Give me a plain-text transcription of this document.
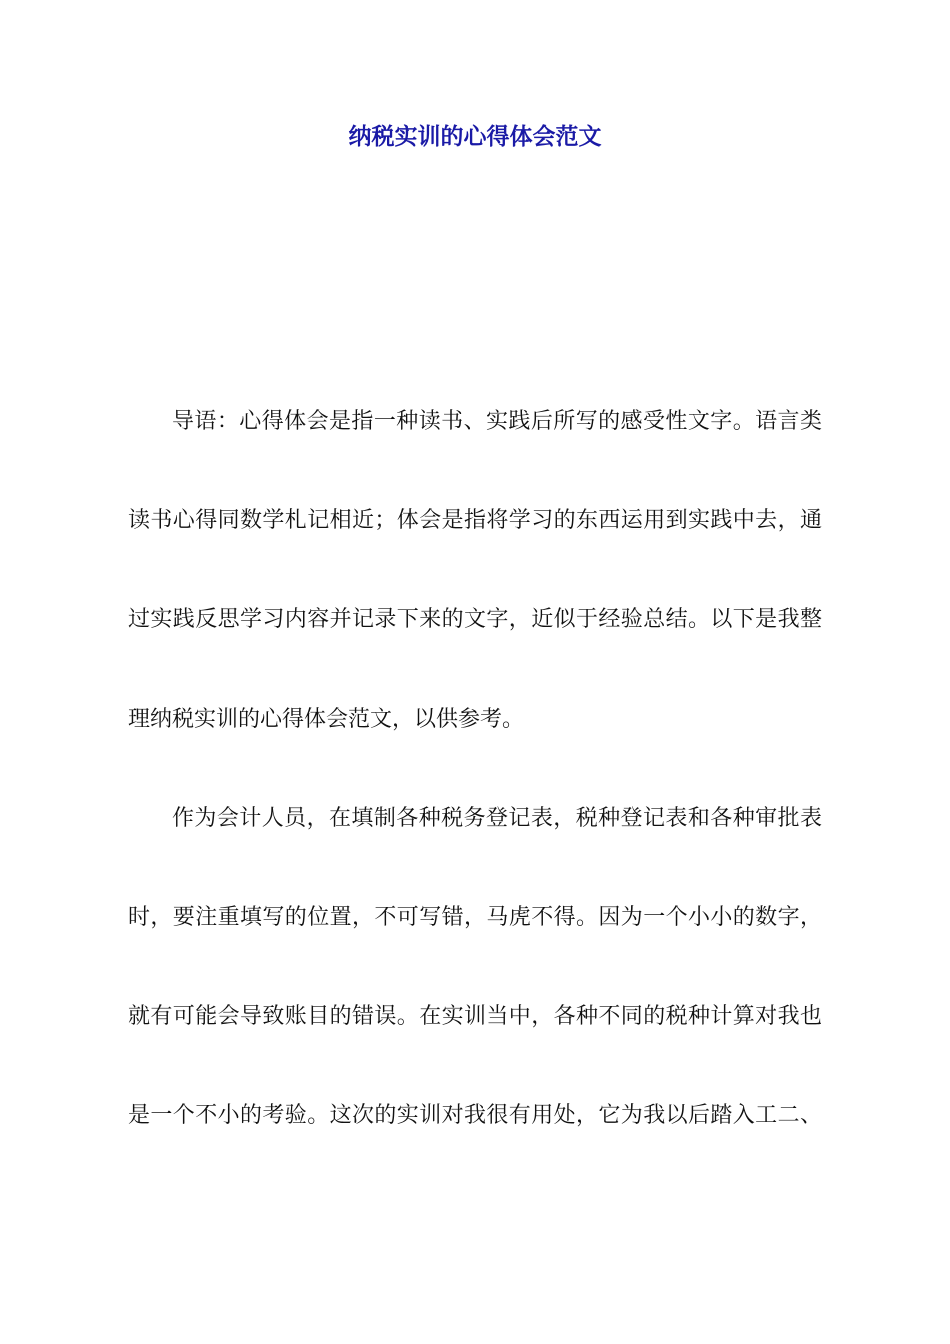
纳税实训的心得体会范文
导语：心得体会是指一种读书、实践后所写的感受性文字。语言类
读书心得同数学札记相近；体会是指将学习的东西运用到实践中去，通
过实践反思学习内容并记录下来的文字，近似于经验总结。以下是我整
理纳税实训的心得体会范文，以供参考。
作为会计人员，在填制各种税务登记表，税种登记表和各种审批表
时，要注重填写的位置，不可写错，马虎不得。因为一个小小的数字，
就有可能会导致账目的错误。在实训当中，各种不同的税种计算对我也
是一个不小的考验。这次的实训对我很有用处，它为我以后踏入工二、
